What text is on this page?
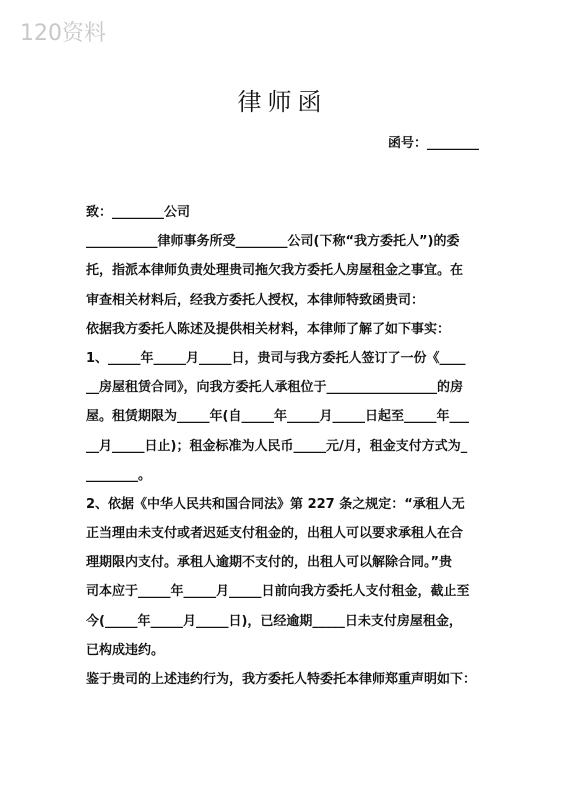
120资料
律师函
函号：________
致：________公司
___________律师事务所受________公司(下称“我方委托人”)的委
托，指派本律师负责处理贵司拖欠我方委托人房屋租金之事宜。在
审查相关材料后，经我方委托人授权，本律师特致函贵司：
依据我方委托人陈述及提供相关材料，本律师了解了如下事实：
1、_____年_____月_____日，贵司与我方委托人签订了一份《____
__房屋租赁合同》，向我方委托人承租位于_________________的房
屋。租赁期限为_____年(自_____年_____月_____日起至_____年___
__月_____日止)；租金标准为人民币_____元/月，租金支付方式为_
________。
2、依据《中华人民共和国合同法》第 227 条之规定：“承租人无
正当理由未支付或者迟延支付租金的，出租人可以要求承租人在合
理期限内支付。承租人逾期不支付的，出租人可以解除合同。”贵
司本应于_____年_____月_____日前向我方委托人支付租金，截止至
今(_____年_____月_____日)，已经逾期_____日未支付房屋租金，
已构成违约。
鉴于贵司的上述违约行为，我方委托人特委托本律师郑重声明如下：
